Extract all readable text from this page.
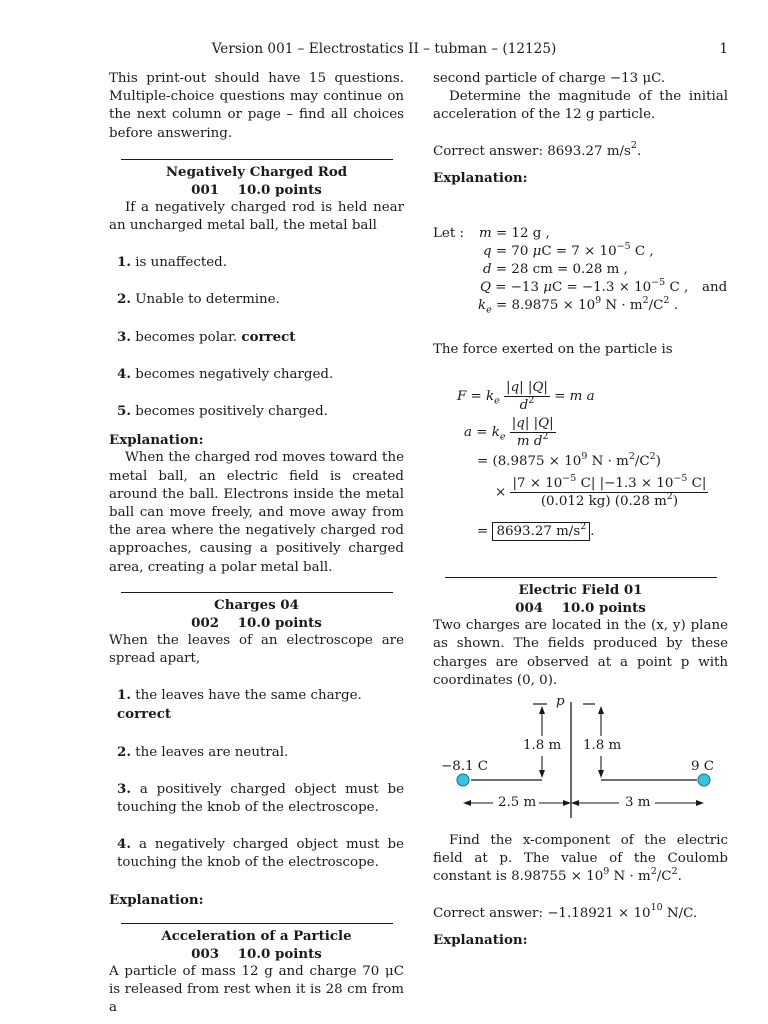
Version 001 – Electrostatics II – tubman – (12125)	1

This print-out should have 15 questions. Multiple-choice questions may continue on the next column or page – find all choices before answering.

Negatively Charged Rod
001 10.0 points

If a negatively charged rod is held near an uncharged metal ball, the metal ball

1. is unaffected.

2. Unable to determine.

3. becomes polar. correct

4. becomes negatively charged.

5. becomes positively charged.

Explanation:

When the charged rod moves toward the metal ball, an electric field is created around the ball. Electrons inside the metal ball can move freely, and move away from the area where the negatively charged rod approaches, causing a positively charged area, creating a polar metal ball.

Charges 04
002 10.0 points

When the leaves of an electroscope are spread apart,

1. the leaves have the same charge. correct

2. the leaves are neutral.

3. a positively charged object must be touching the knob of the electroscope.

4. a negatively charged object must be touching the knob of the electroscope.

Explanation:

Acceleration of a Particle
003 10.0 points

A particle of mass 12 g and charge 70 μC is released from rest when it is 28 cm from a

second particle of charge −13 μC.

Determine the magnitude of the initial acceleration of the 12 g particle.

Correct answer: 8693.27 $m/s^2$.

Explanation:

Let : m = 12 g ,
q = 70 $\mu C = 7 \times 10^{-5}$ C ,
d = 28 cm = 0.28 m ,
Q = −13 $\mu C = -1.3 \times 10^{-5}$ C , and
$k_e = 8.9875 \times 10^9$ $N \cdot m^2/C^2$ .

The force exerted on the particle is

$F = k_e \frac{|q| |Q|}{d^2} = m$ a
$a = k_e \frac{|q| |Q|}{m d^2}$
= ($8.9875 \times 10^9$ $N \cdot m^2/C^2$)
× $\frac{|7 \times 10^{-5} C| |-1.3 \times 10^{-5} C|}{(0.012 kg) (0.28 m^2)}$
= 8693.27 $m/s^2$ .
Electric Field 01
004 10.0 points

Two charges are located in the (x, y) plane as shown. The fields produced by these charges are observed at a point p with coordinates (0, 0).

p
1.8 m 1.8 m
−8.1 C	9 C
2.5 m	3 m

Find the x-component of the electric field at p. The value of the Coulomb constant is $8.98755 \times 10^9$ $N \cdot m^2/C^2$.

Correct answer: $-1.18921 \times 10^{10}$ N/C.

Explanation:
